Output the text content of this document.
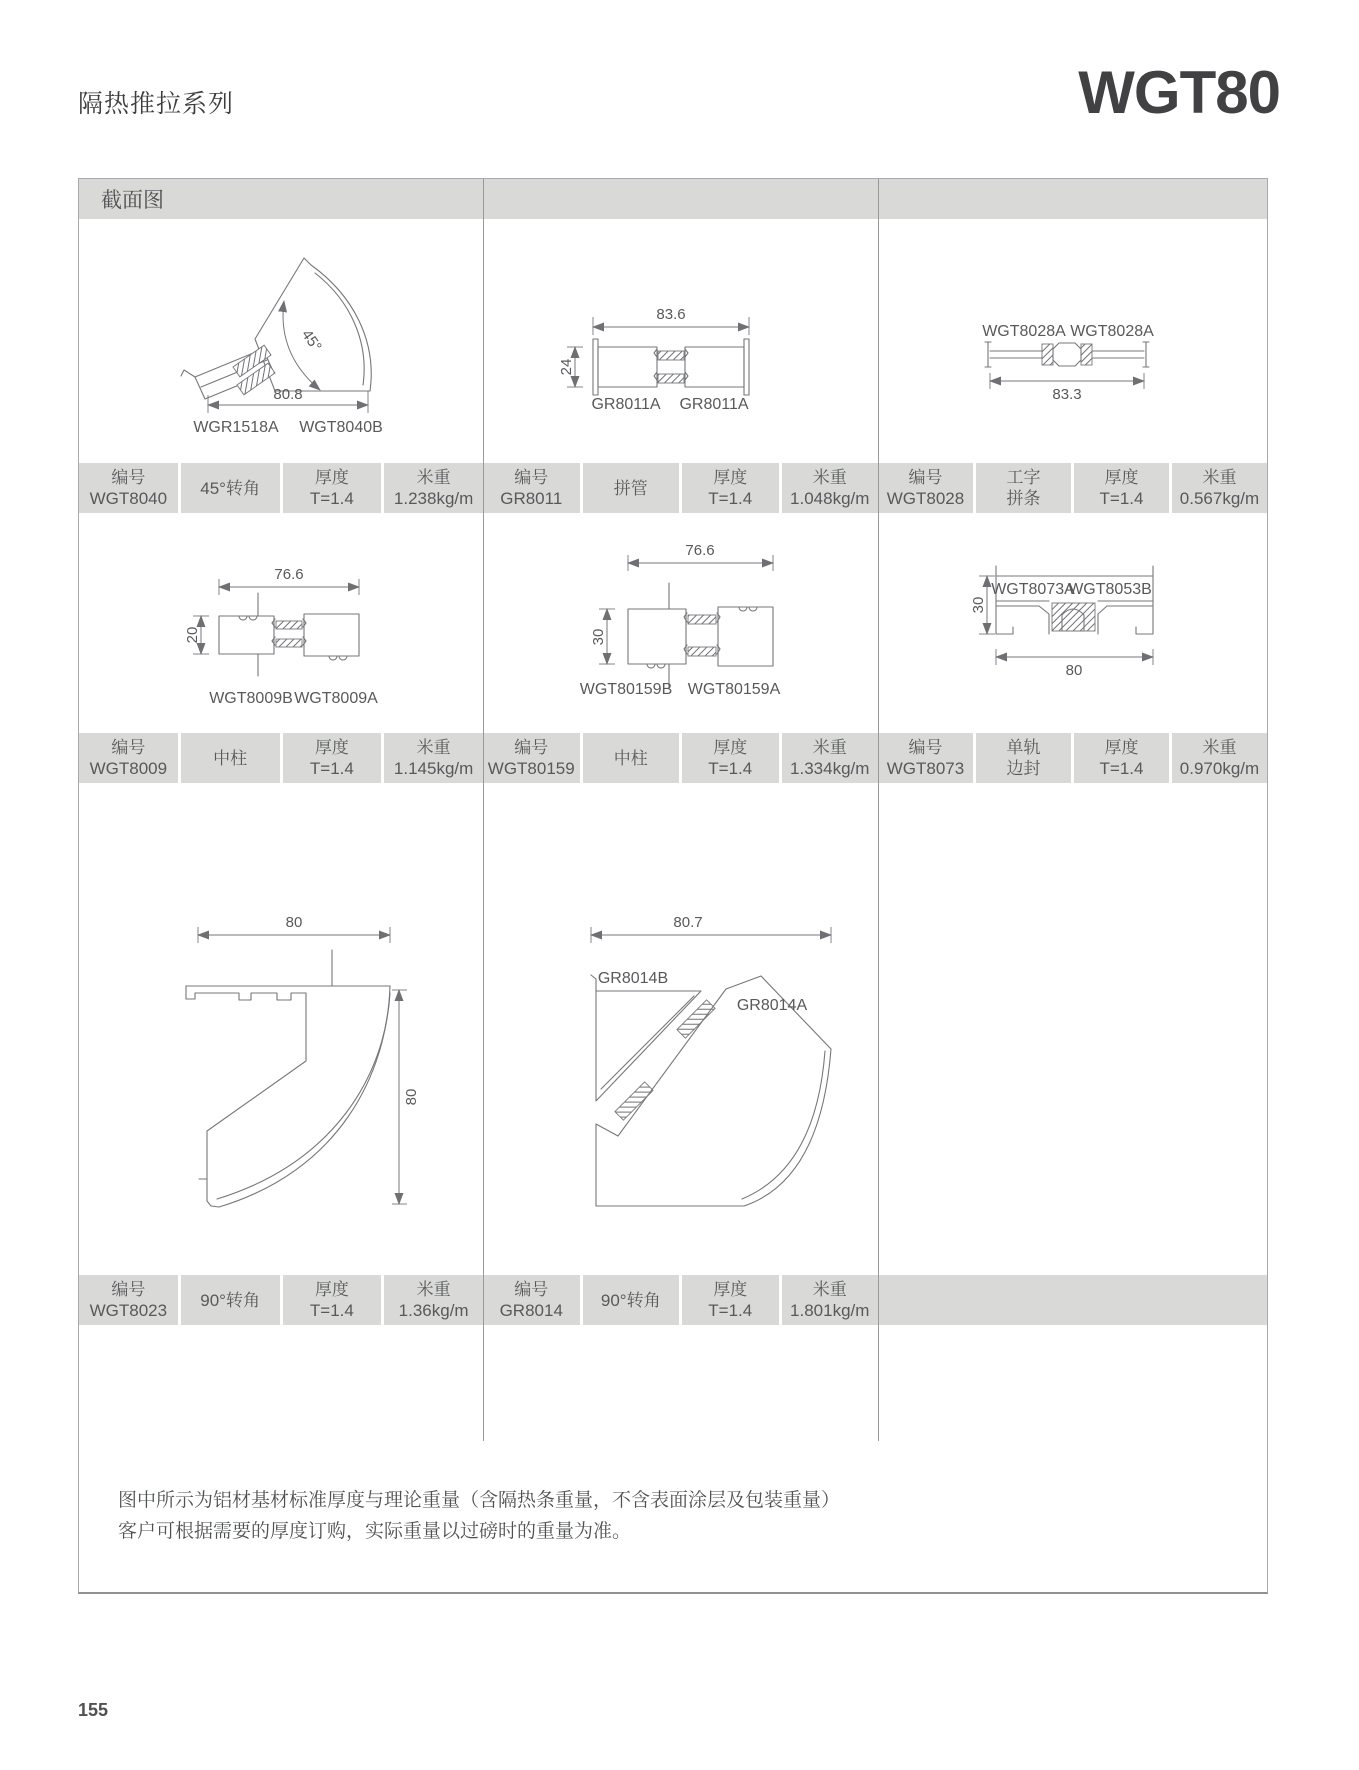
隔热推拉系列	WGT80
截面图
编号
WGT8040
45°转角
厚度
T=1.4
米重
1.238kg/m
编号
GR8011
拼管
厚度
T=1.4
米重
1.048kg/m
编号
WGT8028
工字
拼条
厚度
T=1.4
米重
0.567kg/m
编号
WGT8009
中柱
厚度
T=1.4
米重
1.145kg/m
编号
WGT80159
中柱
厚度
T=1.4
米重
1.334kg/m
编号
WGT8073
单轨
边封
厚度
T=1.4
米重
0.970kg/m
编号
WGT8023
90°转角
厚度
T=1.4
米重
1.36kg/m
编号
GR8014
90°转角
厚度
T=1.4
米重
1.801kg/m
45°
80.8
WGR1518A WGT8040B
83.6
24
GR8011A GR8011A
WGT8028A WGT8028A
83.3
76.6
20
WGT8009B WGT8009A
76.6
30
WGT80159B WGT80159A
30
80
WGT8073A
WGT8053B
80
80
80.7
GR8014B
GR8014A
图中所示为铝材基材标准厚度与理论重量（含隔热条重量，不含表面涂层及包装重量）
客户可根据需要的厚度订购，实际重量以过磅时的重量为准。
155
